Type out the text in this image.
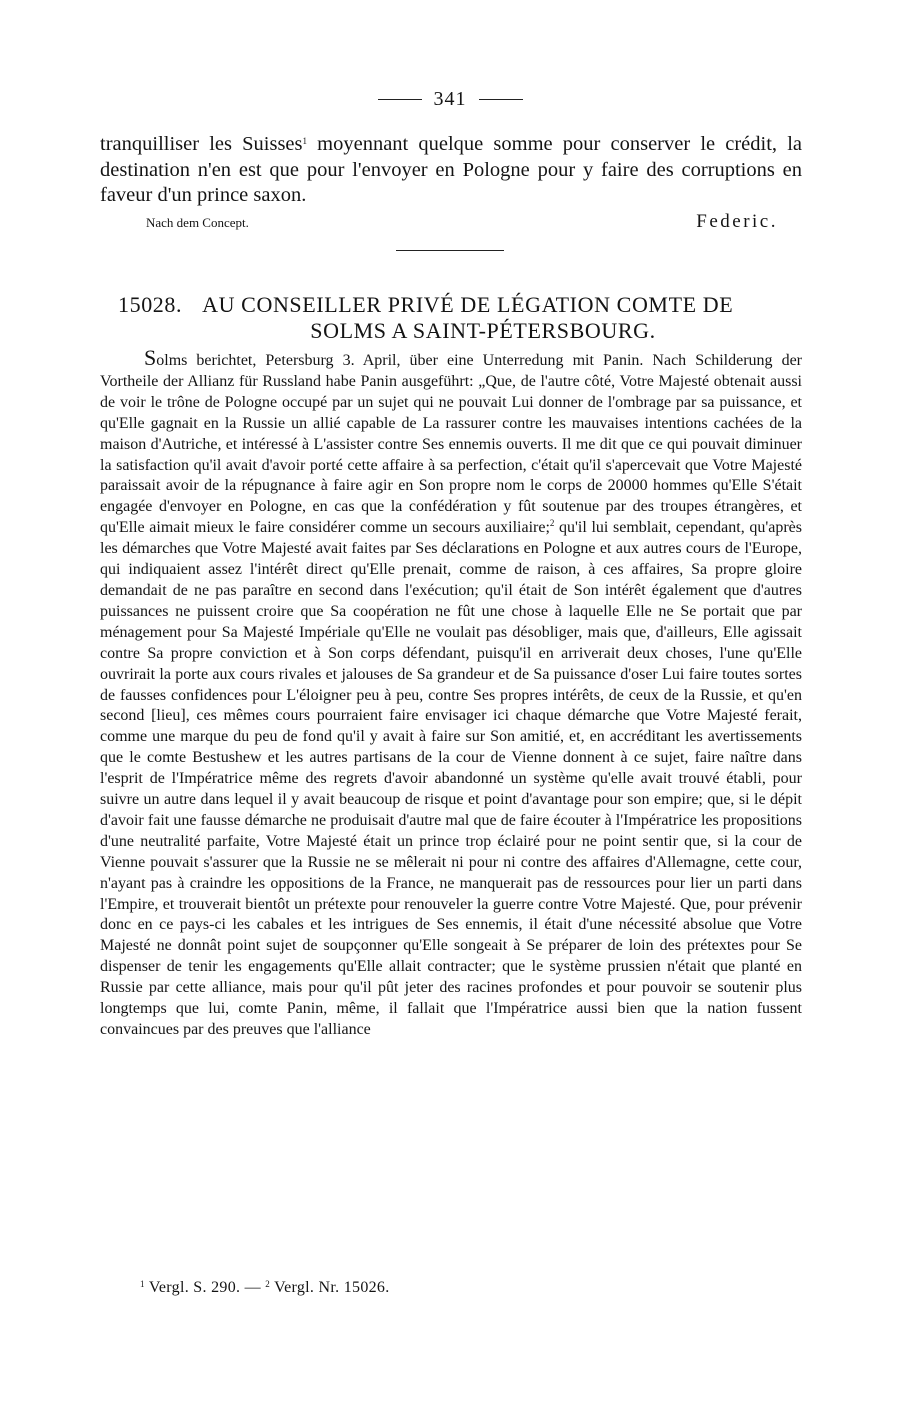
341

tranquilliser les Suisses$^1$ moyennant quelque somme pour conserver le crédit, la destination n'en est que pour l'envoyer en Pologne pour y faire des corruptions en faveur d'un prince saxon.

Nach dem Concept.	Federic.
15028. AU CONSEILLER PRIVÉ DE LÉGATION COMTE DE
SOLMS A SAINT-PÉTERSBOURG.

Solms berichtet, Petersburg 3. April, über eine Unterredung mit Panin. Nach Schilderung der Vortheile der Allianz für Russland habe Panin ausgeführt: „Que, de l'autre côté, Votre Majesté obtenait aussi de voir le trône de Pologne occupé par un sujet qui ne pouvait Lui donner de l'ombrage par sa puissance, et qu'Elle gagnait en la Russie un allié capable de La rassurer contre les mauvaises intentions cachées de la maison d'Autriche, et intéressé à L'assister contre Ses ennemis ouverts. Il me dit que ce qui pouvait diminuer la satisfaction qu'il avait d'avoir porté cette affaire à sa perfection, c'était qu'il s'apercevait que Votre Majesté paraissait avoir de la répugnance à faire agir en Son propre nom le corps de 20000 hommes qu'Elle S'était engagée d'envoyer en Pologne, en cas que la confédération y fût soutenue par des troupes étrangères, et qu'Elle aimait mieux le faire considérer comme un secours auxiliaire;$^2$ qu'il lui semblait, cependant, qu'après les démarches que Votre Majesté avait faites par Ses déclarations en Pologne et aux autres cours de l'Europe, qui indiquaient assez l'intérêt direct qu'Elle prenait, comme de raison, à ces affaires, Sa propre gloire demandait de ne pas paraître en second dans l'exécution; qu'il était de Son intérêt également que d'autres puissances ne puissent croire que Sa coopération ne fût une chose à laquelle Elle ne Se portait que par ménagement pour Sa Majesté Impériale qu'Elle ne voulait pas désobliger, mais que, d'ailleurs, Elle agissait contre Sa propre conviction et à Son corps défendant, puisqu'il en arriverait deux choses, l'une qu'Elle ouvrirait la porte aux cours rivales et jalouses de Sa grandeur et de Sa puissance d'oser Lui faire toutes sortes de fausses confidences pour L'éloigner peu à peu, contre Ses propres intérêts, de ceux de la Russie, et qu'en second [lieu], ces mêmes cours pourraient faire envisager ici chaque démarche que Votre Majesté ferait, comme une marque du peu de fond qu'il y avait à faire sur Son amitié, et, en accréditant les avertissements que le comte Bestushew et les autres partisans de la cour de Vienne donnent à ce sujet, faire naître dans l'esprit de l'Impératrice même des regrets d'avoir abandonné un système qu'elle avait trouvé établi, pour suivre un autre dans lequel il y avait beaucoup de risque et point d'avantage pour son empire; que, si le dépit d'avoir fait une fausse démarche ne produisait d'autre mal que de faire écouter à l'Impératrice les propositions d'une neutralité parfaite, Votre Majesté était un prince trop éclairé pour ne point sentir que, si la cour de Vienne pouvait s'assurer que la Russie ne se mêlerait ni pour ni contre des affaires d'Allemagne, cette cour, n'ayant pas à craindre les oppositions de la France, ne manquerait pas de ressources pour lier un parti dans l'Empire, et trouverait bientôt un prétexte pour renouveler la guerre contre Votre Majesté. Que, pour prévenir donc en ce pays-ci les cabales et les intrigues de Ses ennemis, il était d'une nécessité absolue que Votre Majesté ne donnât point sujet de soupçonner qu'Elle songeait à Se préparer de loin des prétextes pour Se dispenser de tenir les engagements qu'Elle allait contracter; que le système prussien n'était que planté en Russie par cette alliance, mais pour qu'il pût jeter des racines profondes et pour pouvoir se soutenir plus longtemps que lui, comte Panin, même, il fallait que l'Impératrice aussi bien que la nation fussent convaincues par des preuves que l'alliance

$^1$ Vergl. S. 290. — $^2$ Vergl. Nr. 15026.
